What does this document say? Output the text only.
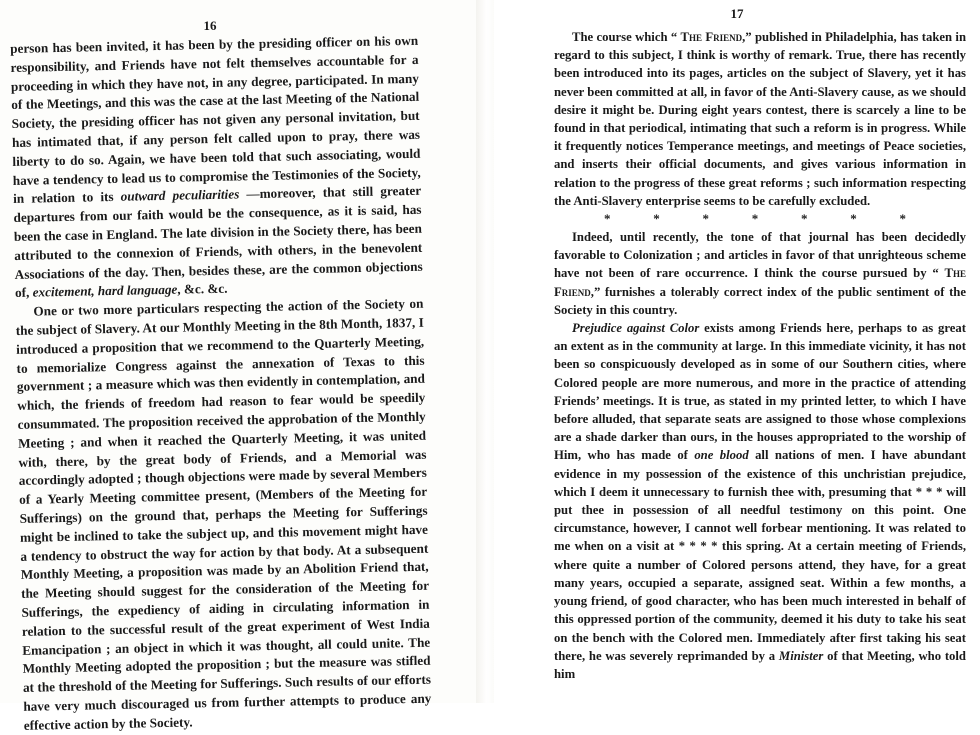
16

person has been invited, it has been by the presiding officer on his own responsibility, and Friends have not felt themselves accountable for a proceeding in which they have not, in any degree, participated. In many of the Meetings, and this was the case at the last Meeting of the National Society, the presiding officer has not given any personal invitation, but has intimated that, if any person felt called upon to pray, there was liberty to do so. Again, we have been told that such associating, would have a tendency to lead us to compromise the Testimonies of the Society, in relation to its outward peculiarities —moreover, that still greater departures from our faith would be the consequence, as it is said, has been the case in England. The late division in the Society there, has been attributed to the connexion of Friends, with others, in the benevolent Associations of the day. Then, besides these, are the common objections of, excitement, hard language, &c. &c.

One or two more particulars respecting the action of the Society on the subject of Slavery. At our Monthly Meeting in the 8th Month, 1837, I introduced a proposition that we recommend to the Quarterly Meeting, to memorialize Congress against the annexation of Texas to this government ; a measure which was then evidently in contemplation, and which, the friends of freedom had reason to fear would be speedily consummated. The proposition received the approbation of the Monthly Meeting ; and when it reached the Quarterly Meeting, it was united with, there, by the great body of Friends, and a Memorial was accordingly adopted ; though objections were made by several Members of a Yearly Meeting committee present, (Members of the Meeting for Sufferings) on the ground that, perhaps the Meeting for Sufferings might be inclined to take the subject up, and this movement might have a tendency to obstruct the way for action by that body. At a subsequent Monthly Meeting, a proposition was made by an Abolition Friend that, the Meeting should suggest for the consideration of the Meeting for Sufferings, the expediency of aiding in circulating information in relation to the successful result of the great experiment of West India Emancipation ; an object in which it was thought, all could unite. The Monthly Meeting adopted the proposition ; but the measure was stifled at the threshold of the Meeting for Sufferings. Such results of our efforts have very much discouraged us from further attempts to produce any effective action by the Society.

17

The course which “ The Friend,” published in Philadelphia, has taken in regard to this subject, I think is worthy of remark. True, there has recently been introduced into its pages, articles on the subject of Slavery, yet it has never been committed at all, in favor of the Anti-Slavery cause, as we should desire it might be. During eight years contest, there is scarcely a line to be found in that periodical, intimating that such a reform is in progress. While it frequently notices Temperance meetings, and meetings of Peace societies, and inserts their official documents, and gives various information in relation to the progress of these great reforms ; such information respecting the Anti-Slavery enterprise seems to be carefully excluded.

*	*	*	*	*	*	*

Indeed, until recently, the tone of that journal has been decidedly favorable to Colonization ; and articles in favor of that unrighteous scheme have not been of rare occurrence. I think the course pursued by “ The Friend,” furnishes a tolerably correct index of the public sentiment of the Society in this country.

Prejudice against Color exists among Friends here, perhaps to as great an extent as in the community at large. In this immediate vicinity, it has not been so conspicuously developed as in some of our Southern cities, where Colored people are more numerous, and more in the practice of attending Friends’ meetings. It is true, as stated in my printed letter, to which I have before alluded, that separate seats are assigned to those whose complexions are a shade darker than ours, in the houses appropriated to the worship of Him, who has made of one blood all nations of men. I have abundant evidence in my possession of the existence of this unchristian prejudice, which I deem it unnecessary to furnish thee with, presuming that * * * will put thee in possession of all needful testimony on this point. One circumstance, however, I cannot well forbear mentioning. It was related to me when on a visit at * * * * this spring. At a certain meeting of Friends, where quite a number of Colored persons attend, they have, for a great many years, occupied a separate, assigned seat. Within a few months, a young friend, of good character, who has been much interested in behalf of this oppressed portion of the community, deemed it his duty to take his seat on the bench with the Colored men. Immediately after first taking his seat there, he was severely reprimanded by a Minister of that Meeting, who told him
